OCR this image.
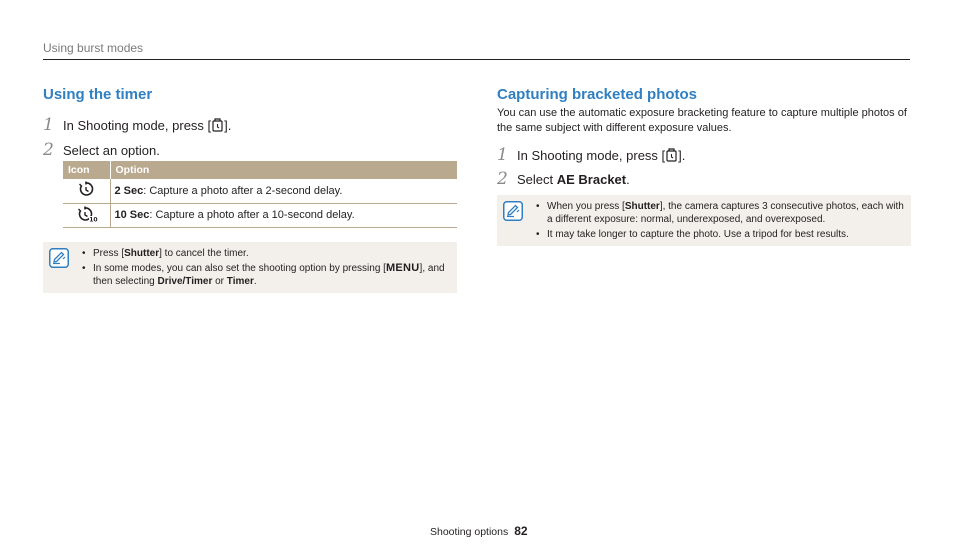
Using burst modes
Using the timer
1 In Shooting mode, press [ ].
2 Select an option.
Icon	Option
	2 Sec: Capture a photo after a 2-second delay.

10	10 Sec: Capture a photo after a 10-second delay.
• Press [Shutter] to cancel the timer.
• In some modes, you can also set the shooting option by pressing [MENU], and then selecting Drive/Timer or Timer.
Capturing bracketed photos
You can use the automatic exposure bracketing feature to capture multiple photos of the same subject with different exposure values.
1 In Shooting mode, press [ ].
2 Select AE Bracket.
• When you press [Shutter], the camera captures 3 consecutive photos, each with a different exposure: normal, underexposed, and overexposed.
• It may take longer to capture the photo. Use a tripod for best results.
Shooting options 82
